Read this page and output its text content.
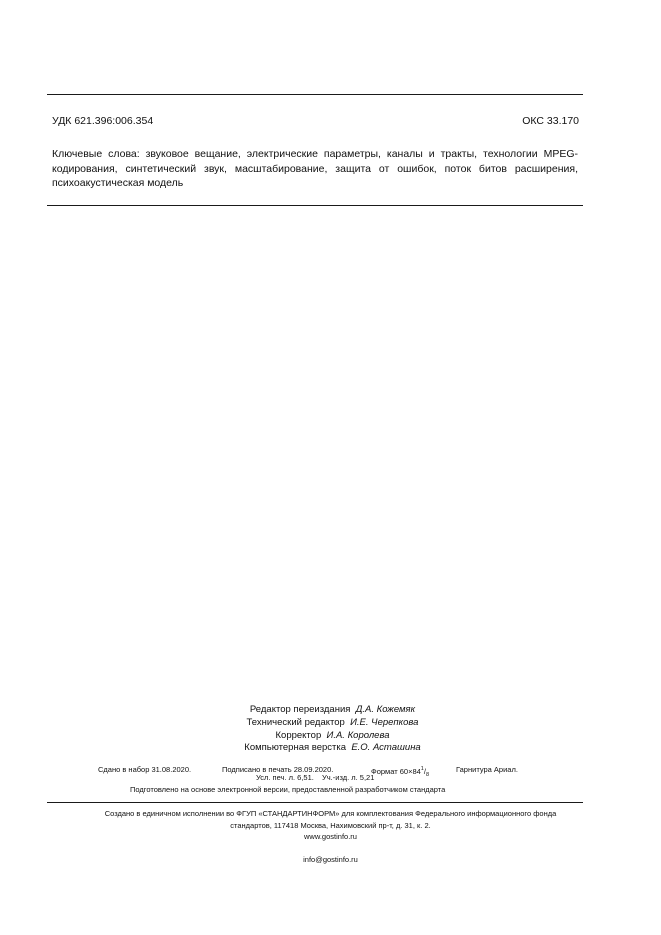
УДК 621.396:006.354	ОКС 33.170
Ключевые слова: звуковое вещание, электрические параметры, каналы и тракты, технологии MPEG-
кодирования, синтетический звук, масштабирование, защита от ошибок, поток битов расширения,
психоакустическая модель
Редактор переиздания Д.А. Кожемяк
Технический редактор И.Е. Черепкова
Корректор И.А. Королева
Компьютерная верстка Е.О. Асташина
Сдано в набор 31.08.2020.	Подписано в печать 28.09.2020.	Формат $60\times 84^1/_8$
Гарнитура Ариал.
Усл. печ. л. 6,51. Уч.-изд. л. 5,21
Подготовлено на основе электронной версии, предоставленной разработчиком стандарта
Создано в единичном исполнении во ФГУП «СТАНДАРТИНФОРМ» для комплектования Федерального информационного фонда
стандартов, 117418 Москва, Нахимовский пр-т, д. 31, к. 2.
www.gostinfo.ru

info@gostinfo.ru
